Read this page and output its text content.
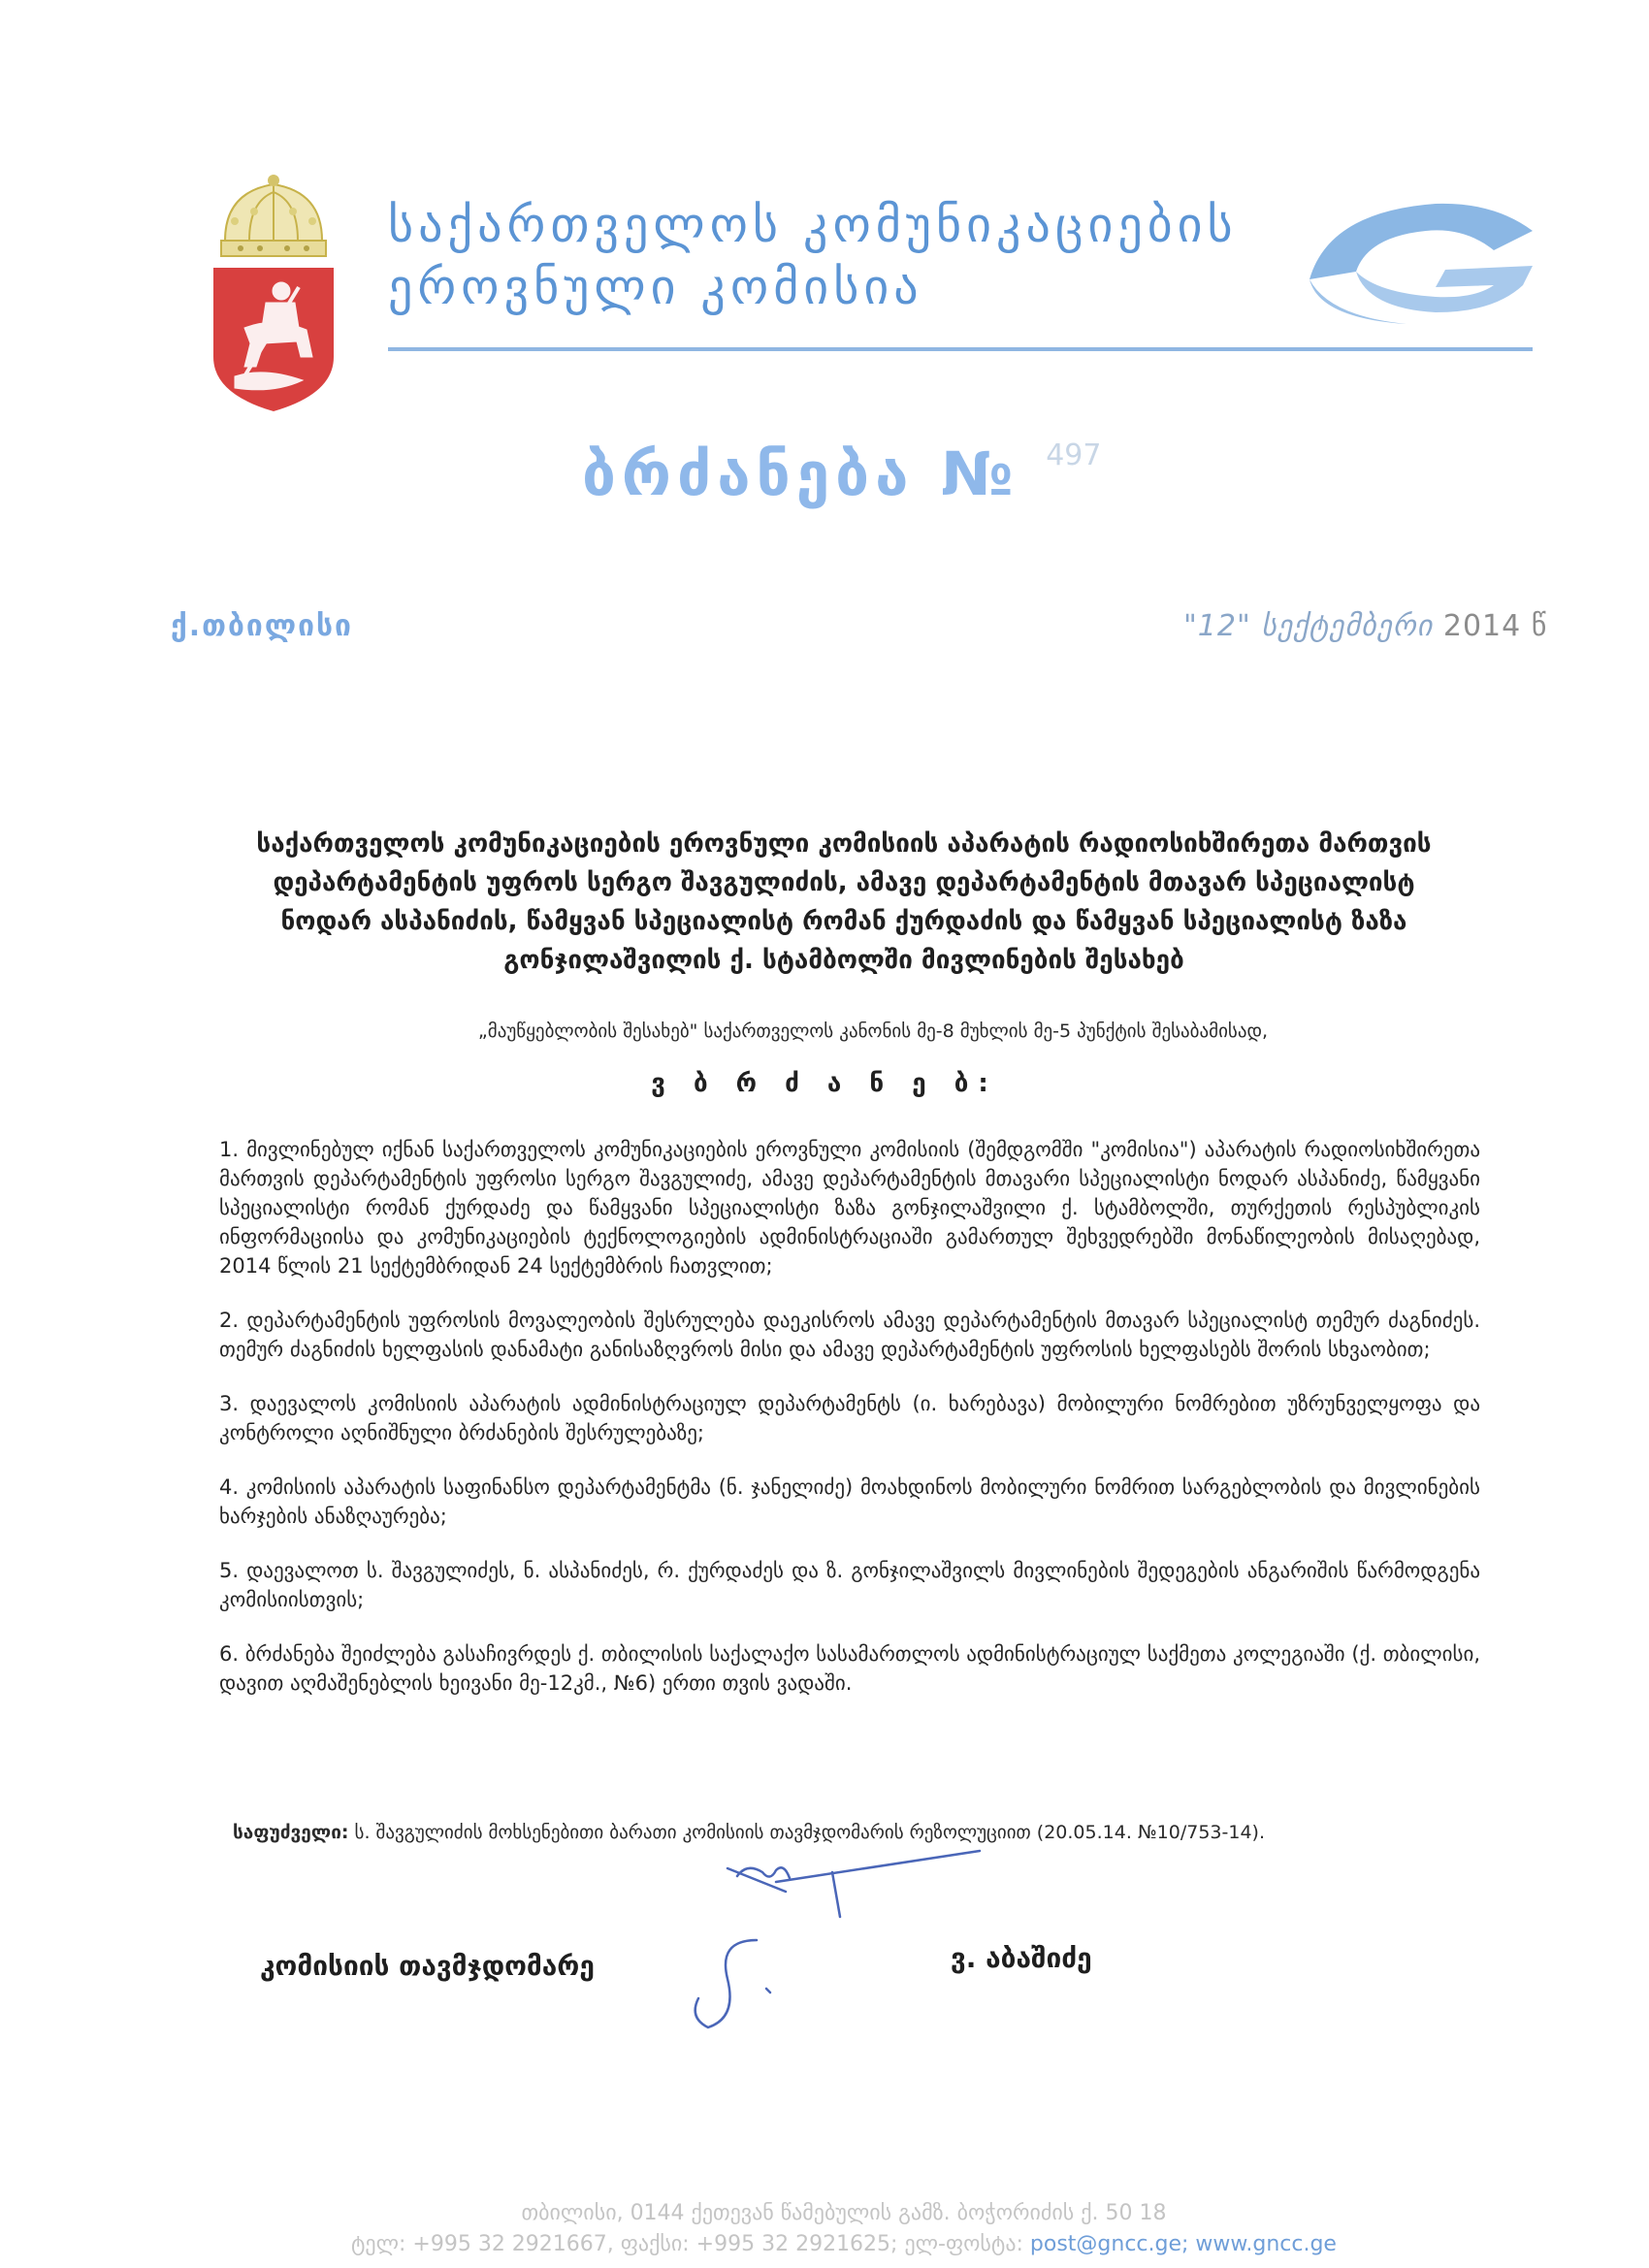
საქართველოს კომუნიკაციების
ეროვნული კომისია
ბრძანება № $^{497}$
ქ.თბილისი	"12" სექტემბერი 2014 წ
საქართველოს კომუნიკაციების ეროვნული კომისიის აპარატის რადიოსიხშირეთა მართვის
დეპარტამენტის უფროს სერგო შავგულიძის, ამავე დეპარტამენტის მთავარ სპეციალისტ
ნოდარ ასპანიძის, წამყვან სპეციალისტ რომან ქურდაძის და წამყვან სპეციალისტ ზაზა
გონჯილაშვილის ქ. სტამბოლში მივლინების შესახებ
„მაუწყებლობის შესახებ" საქართველოს კანონის მე-8 მუხლის მე-5 პუნქტის შესაბამისად,
ვ ბ რ ძ ა ნ ე ბ:
1. მივლინებულ იქნან საქართველოს კომუნიკაციების ეროვნული კომისიის (შემდგომში "კომისია") აპარატის რადიოსიხშირეთა მართვის დეპარტამენტის უფროსი სერგო შავგულიძე, ამავე დეპარტამენტის მთავარი სპეციალისტი ნოდარ ასპანიძე, წამყვანი სპეციალისტი რომან ქურდაძე და წამყვანი სპეციალისტი ზაზა გონჯილაშვილი ქ. სტამბოლში, თურქეთის რესპუბლიკის ინფორმაციისა და კომუნიკაციების ტექნოლოგიების ადმინისტრაციაში გამართულ შეხვედრებში მონაწილეობის მისაღებად, 2014 წლის 21 სექტემბრიდან 24 სექტემბრის ჩათვლით;
2. დეპარტამენტის უფროსის მოვალეობის შესრულება დაეკისროს ამავე დეპარტამენტის მთავარ სპეციალისტ თემურ ძაგნიძეს. თემურ ძაგნიძის ხელფასის დანამატი განისაზღვროს მისი და ამავე დეპარტამენტის უფროსის ხელფასებს შორის სხვაობით;
3. დაევალოს კომისიის აპარატის ადმინისტრაციულ დეპარტამენტს (ი. ხარებავა) მობილური ნომრებით უზრუნველყოფა და კონტროლი აღნიშნული ბრძანების შესრულებაზე;
4. კომისიის აპარატის საფინანსო დეპარტამენტმა (ნ. ჯანელიძე) მოახდინოს მობილური ნომრით სარგებლობის და მივლინების ხარჯების ანაზღაურება;
5. დაევალოთ ს. შავგულიძეს, ნ. ასპანიძეს, რ. ქურდაძეს და ზ. გონჯილაშვილს მივლინების შედეგების ანგარიშის წარმოდგენა კომისიისთვის;
6. ბრძანება შეიძლება გასაჩივრდეს ქ. თბილისის საქალაქო სასამართლოს ადმინისტრაციულ საქმეთა კოლეგიაში (ქ. თბილისი, დავით აღმაშენებლის ხეივანი მე-12კმ., №6) ერთი თვის ვადაში.
საფუძველი: ს. შავგულიძის მოხსენებითი ბარათი კომისიის თავმჯდომარის რეზოლუციით (20.05.14. №10/753-14).
კომისიის თავმჯდომარე	ვ. აბაშიძე
თბილისი, 0144 ქეთევან წამებულის გამზ. ბოჭორიძის ქ. 50 18
ტელ: +995 32 2921667, ფაქსი: +995 32 2921625; ელ-ფოსტა: post@gncc.ge; www.gncc.ge
